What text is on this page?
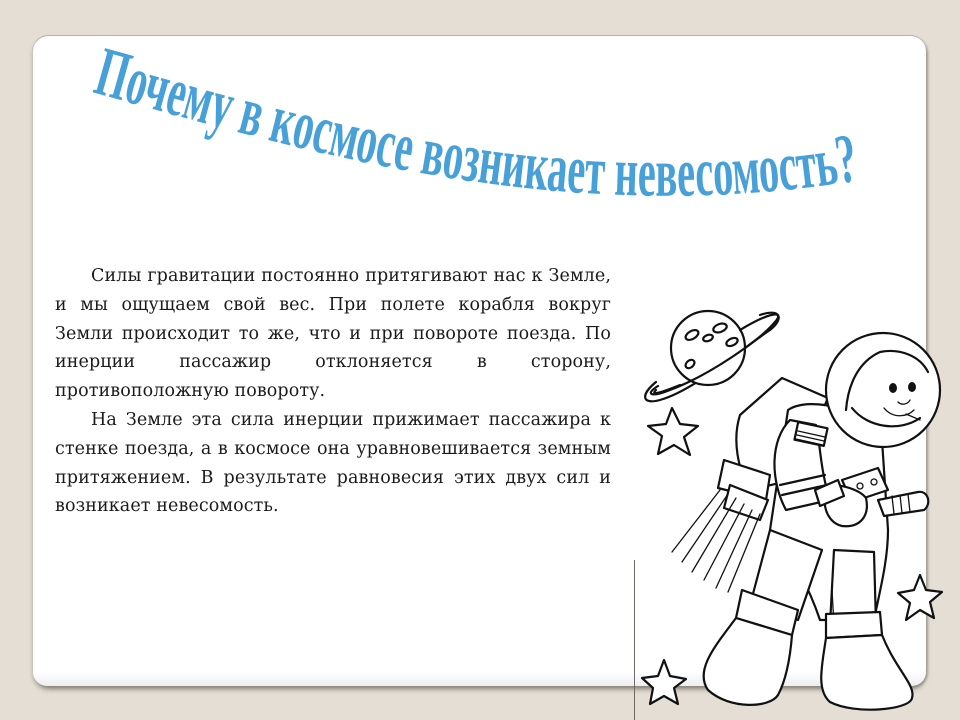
Почему в космосе возникает невесомость?

Силы гравитации постоянно притягивают нас к Земле, и мы ощущаем свой вес. При полете корабля вокруг Земли происходит то же, что и при повороте поезда. По инерции пассажир отклоняется в сторону, противоположную повороту.

На Земле эта сила инерции прижимает пассажира к стенке поезда, а в космосе она уравновешивается земным притяжением. В результате равновесия этих двух сил и возникает невесомость.
